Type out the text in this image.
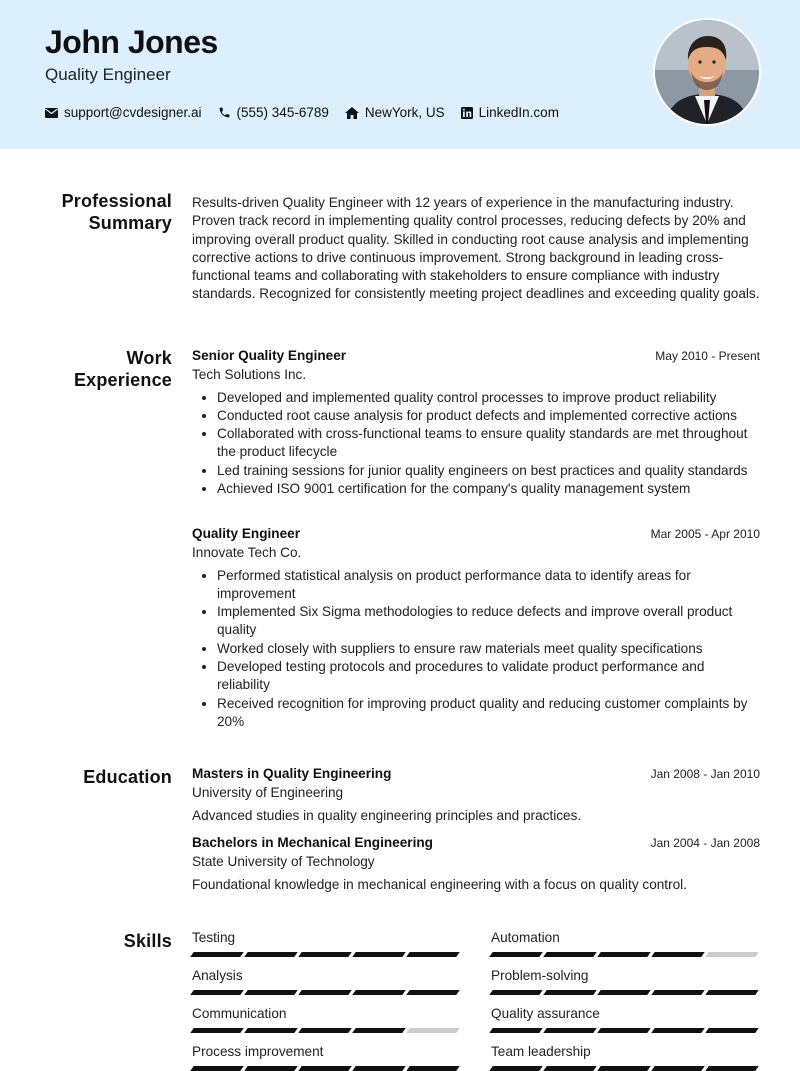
John Jones
Quality Engineer
support@cvdesigner.ai	(555) 345-6789	NewYork, US	LinkedIn.com
Professional Summary
Results-driven Quality Engineer with 12 years of experience in the manufacturing industry. Proven track record in implementing quality control processes, reducing defects by 20% and improving overall product quality. Skilled in conducting root cause analysis and implementing corrective actions to drive continuous improvement. Strong background in leading cross-functional teams and collaborating with stakeholders to ensure compliance with industry standards. Recognized for consistently meeting project deadlines and exceeding quality goals.
Work Experience
Senior Quality Engineer	May 2010 - Present
Tech Solutions Inc.
• Developed and implemented quality control processes to improve product reliability
• Conducted root cause analysis for product defects and implemented corrective actions
• Collaborated with cross-functional teams to ensure quality standards are met throughout the product lifecycle
• Led training sessions for junior quality engineers on best practices and quality standards
• Achieved ISO 9001 certification for the company's quality management system
Quality Engineer	Mar 2005 - Apr 2010
Innovate Tech Co.
• Performed statistical analysis on product performance data to identify areas for improvement
• Implemented Six Sigma methodologies to reduce defects and improve overall product quality
• Worked closely with suppliers to ensure raw materials meet quality specifications
• Developed testing protocols and procedures to validate product performance and reliability
• Received recognition for improving product quality and reducing customer complaints by 20%
Education Masters in Quality Engineering	Jan 2008 - Jan 2010
University of Engineering
Advanced studies in quality engineering principles and practices.
Bachelors in Mechanical Engineering	Jan 2004 - Jan 2008
State University of Technology
Foundational knowledge in mechanical engineering with a focus on quality control.
Skills Testing	Automation
Analysis	Problem-solving
Communication	Quality assurance
Process improvement	Team leadership
